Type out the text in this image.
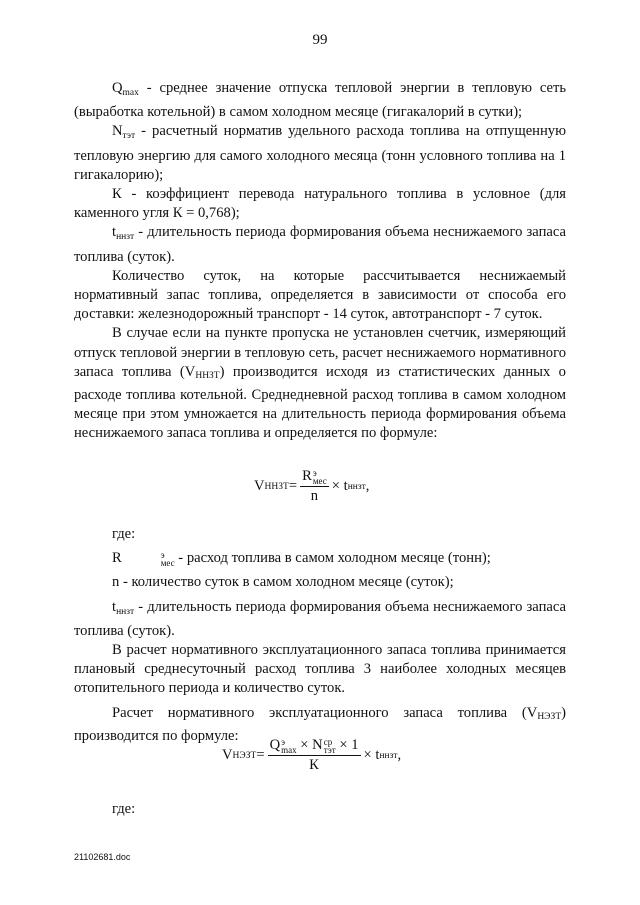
99

$Q_{max}$ - среднее значение отпуска тепловой энергии в тепловую сеть (выработка котельной) в самом холодном месяце (гигакалорий в сутки);

$N_{тэт}$ - расчетный норматив удельного расхода топлива на отпущенную тепловую энергию для самого холодного месяца (тонн условного топлива на 1 гигакалорию);

К - коэффициент перевода натурального топлива в условное (для каменного угля К = 0,768);

$t_{ннзт}$ - длительность периода формирования объема неснижаемого запаса топлива (суток).

Количество суток, на которые рассчитывается неснижаемый нормативный запас топлива, определяется в зависимости от способа его доставки: железнодорожный транспорт - 14 суток, автотранспорт - 7 суток.

В случае если на пункте пропуска не установлен счетчик, измеряющий отпуск тепловой энергии в тепловую сеть, расчет неснижаемого нормативного запаса топлива (VННЗТ) производится исходя из статистических данных о расходе топлива котельной. Среднедневной расход топлива в самом холодном месяце при этом умножается на длительность периода формирования объема неснижаемого запаса топлива и определяется по формуле:

V ННЗТ = R э
мес
n ×
t ннзт ,

где:

R	э
мес - расход топлива в самом холодном месяце (тонн);

n - количество суток в самом холодном месяце (суток);

$t_{ннзт}$ - длительность периода формирования объема неснижаемого запаса топлива (суток).

В расчет нормативного эксплуатационного запаса топлива принимается плановый среднесуточный расход топлива 3 наиболее холодных месяцев отопительного периода и количество суток.

Расчет нормативного эксплуатационного запаса топлива (VНЭЗТ) производится по формуле:

V НЭЗТ = Q э
max × N ср
тэт × 1
К ×
t ннзт ,

где:

21102681.doc
